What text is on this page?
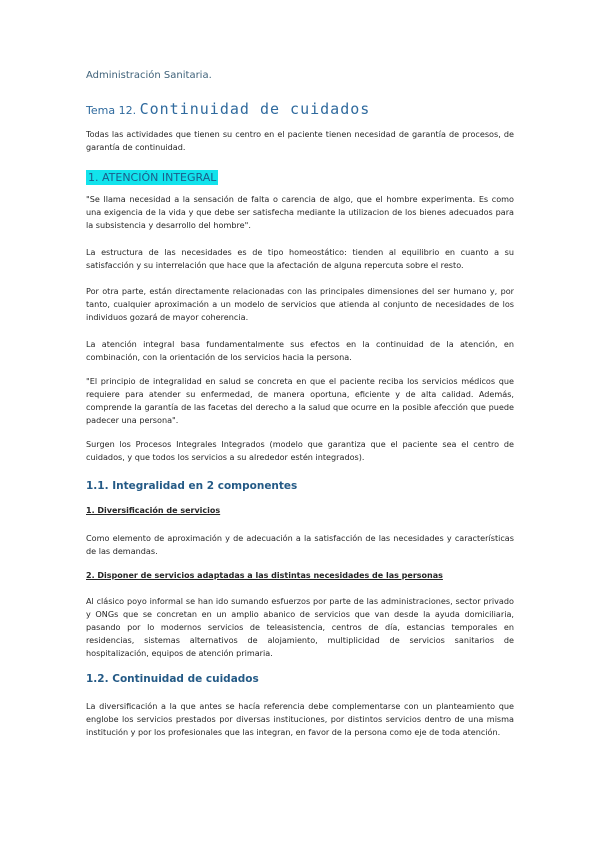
Administración Sanitaria.
Tema 12. Continuidad de cuidados

Todas las actividades que tienen su centro en el paciente tienen necesidad de garantía de procesos, de garantía de continuidad.

1. ATENCIÓN INTEGRAL

"Se llama necesidad a la sensación de falta o carencia de algo, que el hombre experimenta. Es como una exigencia de la vida y que debe ser satisfecha mediante la utilizacion de los bienes adecuados para la subsistencia y desarrollo del hombre".

La estructura de las necesidades es de tipo homeostático: tienden al equilibrio en cuanto a su satisfacción y su interrelación que hace que la afectación de alguna repercuta sobre el resto.

Por otra parte, están directamente relacionadas con las principales dimensiones del ser humano y, por tanto, cualquier aproximación a un modelo de servicios que atienda al conjunto de necesidades de los individuos gozará de mayor coherencia.

La atención integral basa fundamentalmente sus efectos en la continuidad de la atención, en combinación, con la orientación de los servicios hacia la persona.

"El principio de integralidad en salud se concreta en que el paciente reciba los servicios médicos que requiere para atender su enfermedad, de manera oportuna, eficiente y de alta calidad. Además, comprende la garantía de las facetas del derecho a la salud que ocurre en la posible afección que puede padecer una persona".

Surgen los Procesos Integrales Integrados (modelo que garantiza que el paciente sea el centro de cuidados, y que todos los servicios a su alrededor estén integrados).

1.1. Integralidad en 2 componentes

1. Diversificación de servicios

Como elemento de aproximación y de adecuación a la satisfacción de las necesidades y características de las demandas.

2. Disponer de servicios adaptadas a las distintas necesidades de las personas

Al clásico poyo informal se han ido sumando esfuerzos por parte de las administraciones, sector privado y ONGs que se concretan en un amplio abanico de servicios que van desde la ayuda domiciliaria, pasando por lo modernos servicios de teleasistencia, centros de día, estancias temporales en residencias, sistemas alternativos de alojamiento, multiplicidad de servicios sanitarios de hospitalización, equipos de atención primaria.

1.2. Continuidad de cuidados

La diversificación a la que antes se hacía referencia debe complementarse con un planteamiento que englobe los servicios prestados por diversas instituciones, por distintos servicios dentro de una misma institución y por los profesionales que las integran, en favor de la persona como eje de toda atención.
